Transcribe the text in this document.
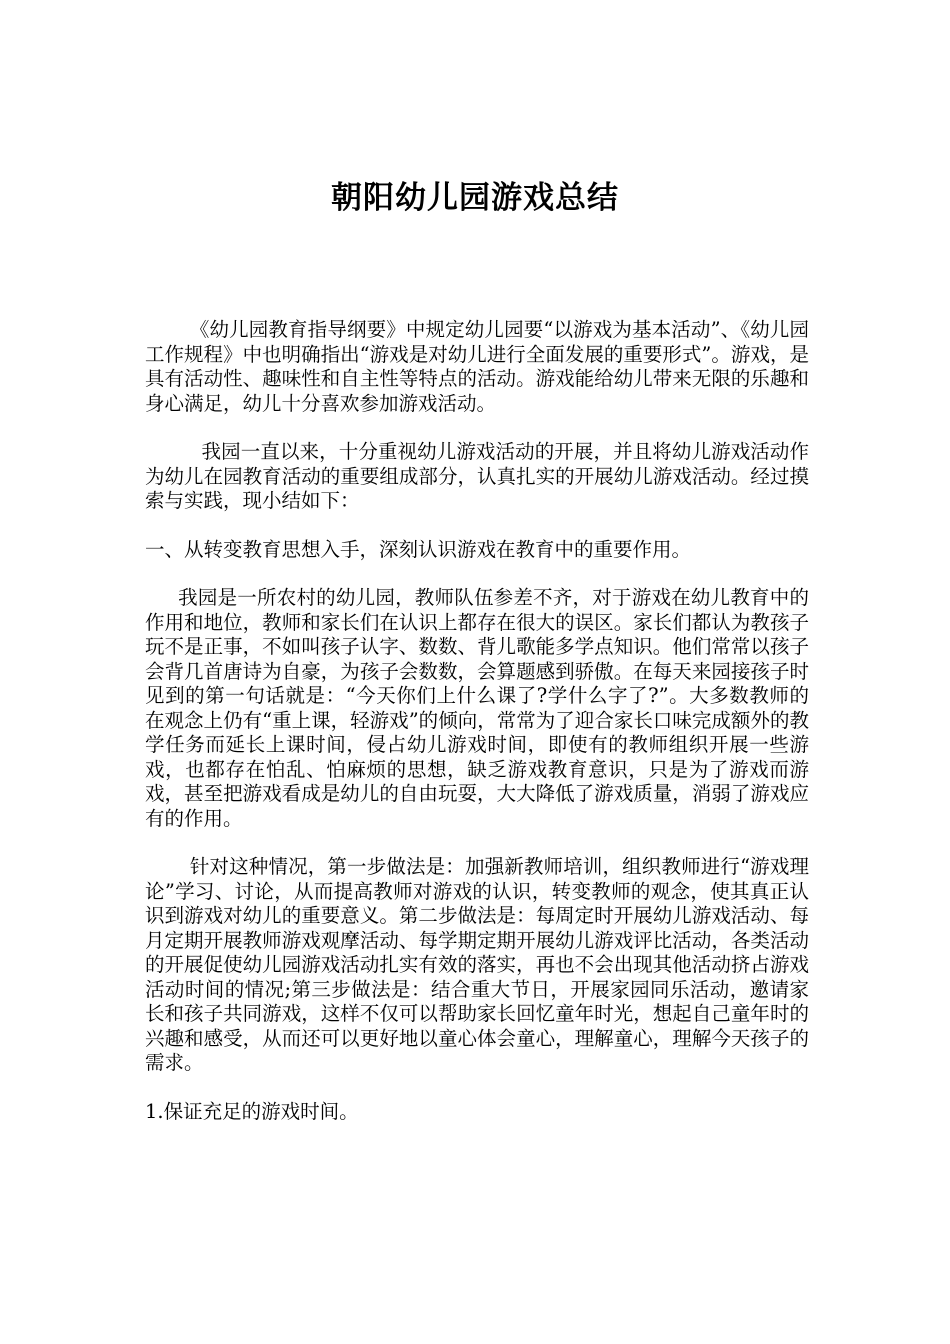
朝阳幼儿园游戏总结

《幼儿园教育指导纲要》中规定幼儿园要“以游戏为基本活动”、《幼儿园工作规程》中也明确指出“游戏是对幼儿进行全面发展的重要形式”。游戏，是具有活动性、趣味性和自主性等特点的活动。游戏能给幼儿带来无限的乐趣和身心满足，幼儿十分喜欢参加游戏活动。

我园一直以来，十分重视幼儿游戏活动的开展，并且将幼儿游戏活动作为幼儿在园教育活动的重要组成部分，认真扎实的开展幼儿游戏活动。经过摸索与实践，现小结如下：

一、从转变教育思想入手，深刻认识游戏在教育中的重要作用。

我园是一所农村的幼儿园，教师队伍参差不齐，对于游戏在幼儿教育中的作用和地位，教师和家长们在认识上都存在很大的误区。家长们都认为教孩子玩不是正事，不如叫孩子认字、数数、背儿歌能多学点知识。他们常常以孩子会背几首唐诗为自豪，为孩子会数数，会算题感到骄傲。在每天来园接孩子时见到的第一句话就是：“今天你们上什么课了?学什么字了?”。大多数教师的在观念上仍有“重上课，轻游戏”的倾向，常常为了迎合家长口味完成额外的教学任务而延长上课时间，侵占幼儿游戏时间，即使有的教师组织开展一些游戏，也都存在怕乱、怕麻烦的思想，缺乏游戏教育意识，只是为了游戏而游戏，甚至把游戏看成是幼儿的自由玩耍，大大降低了游戏质量，消弱了游戏应有的作用。

针对这种情况，第一步做法是：加强新教师培训，组织教师进行“游戏理论”学习、讨论，从而提高教师对游戏的认识，转变教师的观念，使其真正认识到游戏对幼儿的重要意义。第二步做法是：每周定时开展幼儿游戏活动、每月定期开展教师游戏观摩活动、每学期定期开展幼儿游戏评比活动，各类活动的开展促使幼儿园游戏活动扎实有效的落实，再也不会出现其他活动挤占游戏活动时间的情况;第三步做法是：结合重大节日，开展家园同乐活动，邀请家长和孩子共同游戏，这样不仅可以帮助家长回忆童年时光，想起自己童年时的兴趣和感受，从而还可以更好地以童心体会童心，理解童心，理解今天孩子的需求。

1.保证充足的游戏时间。
